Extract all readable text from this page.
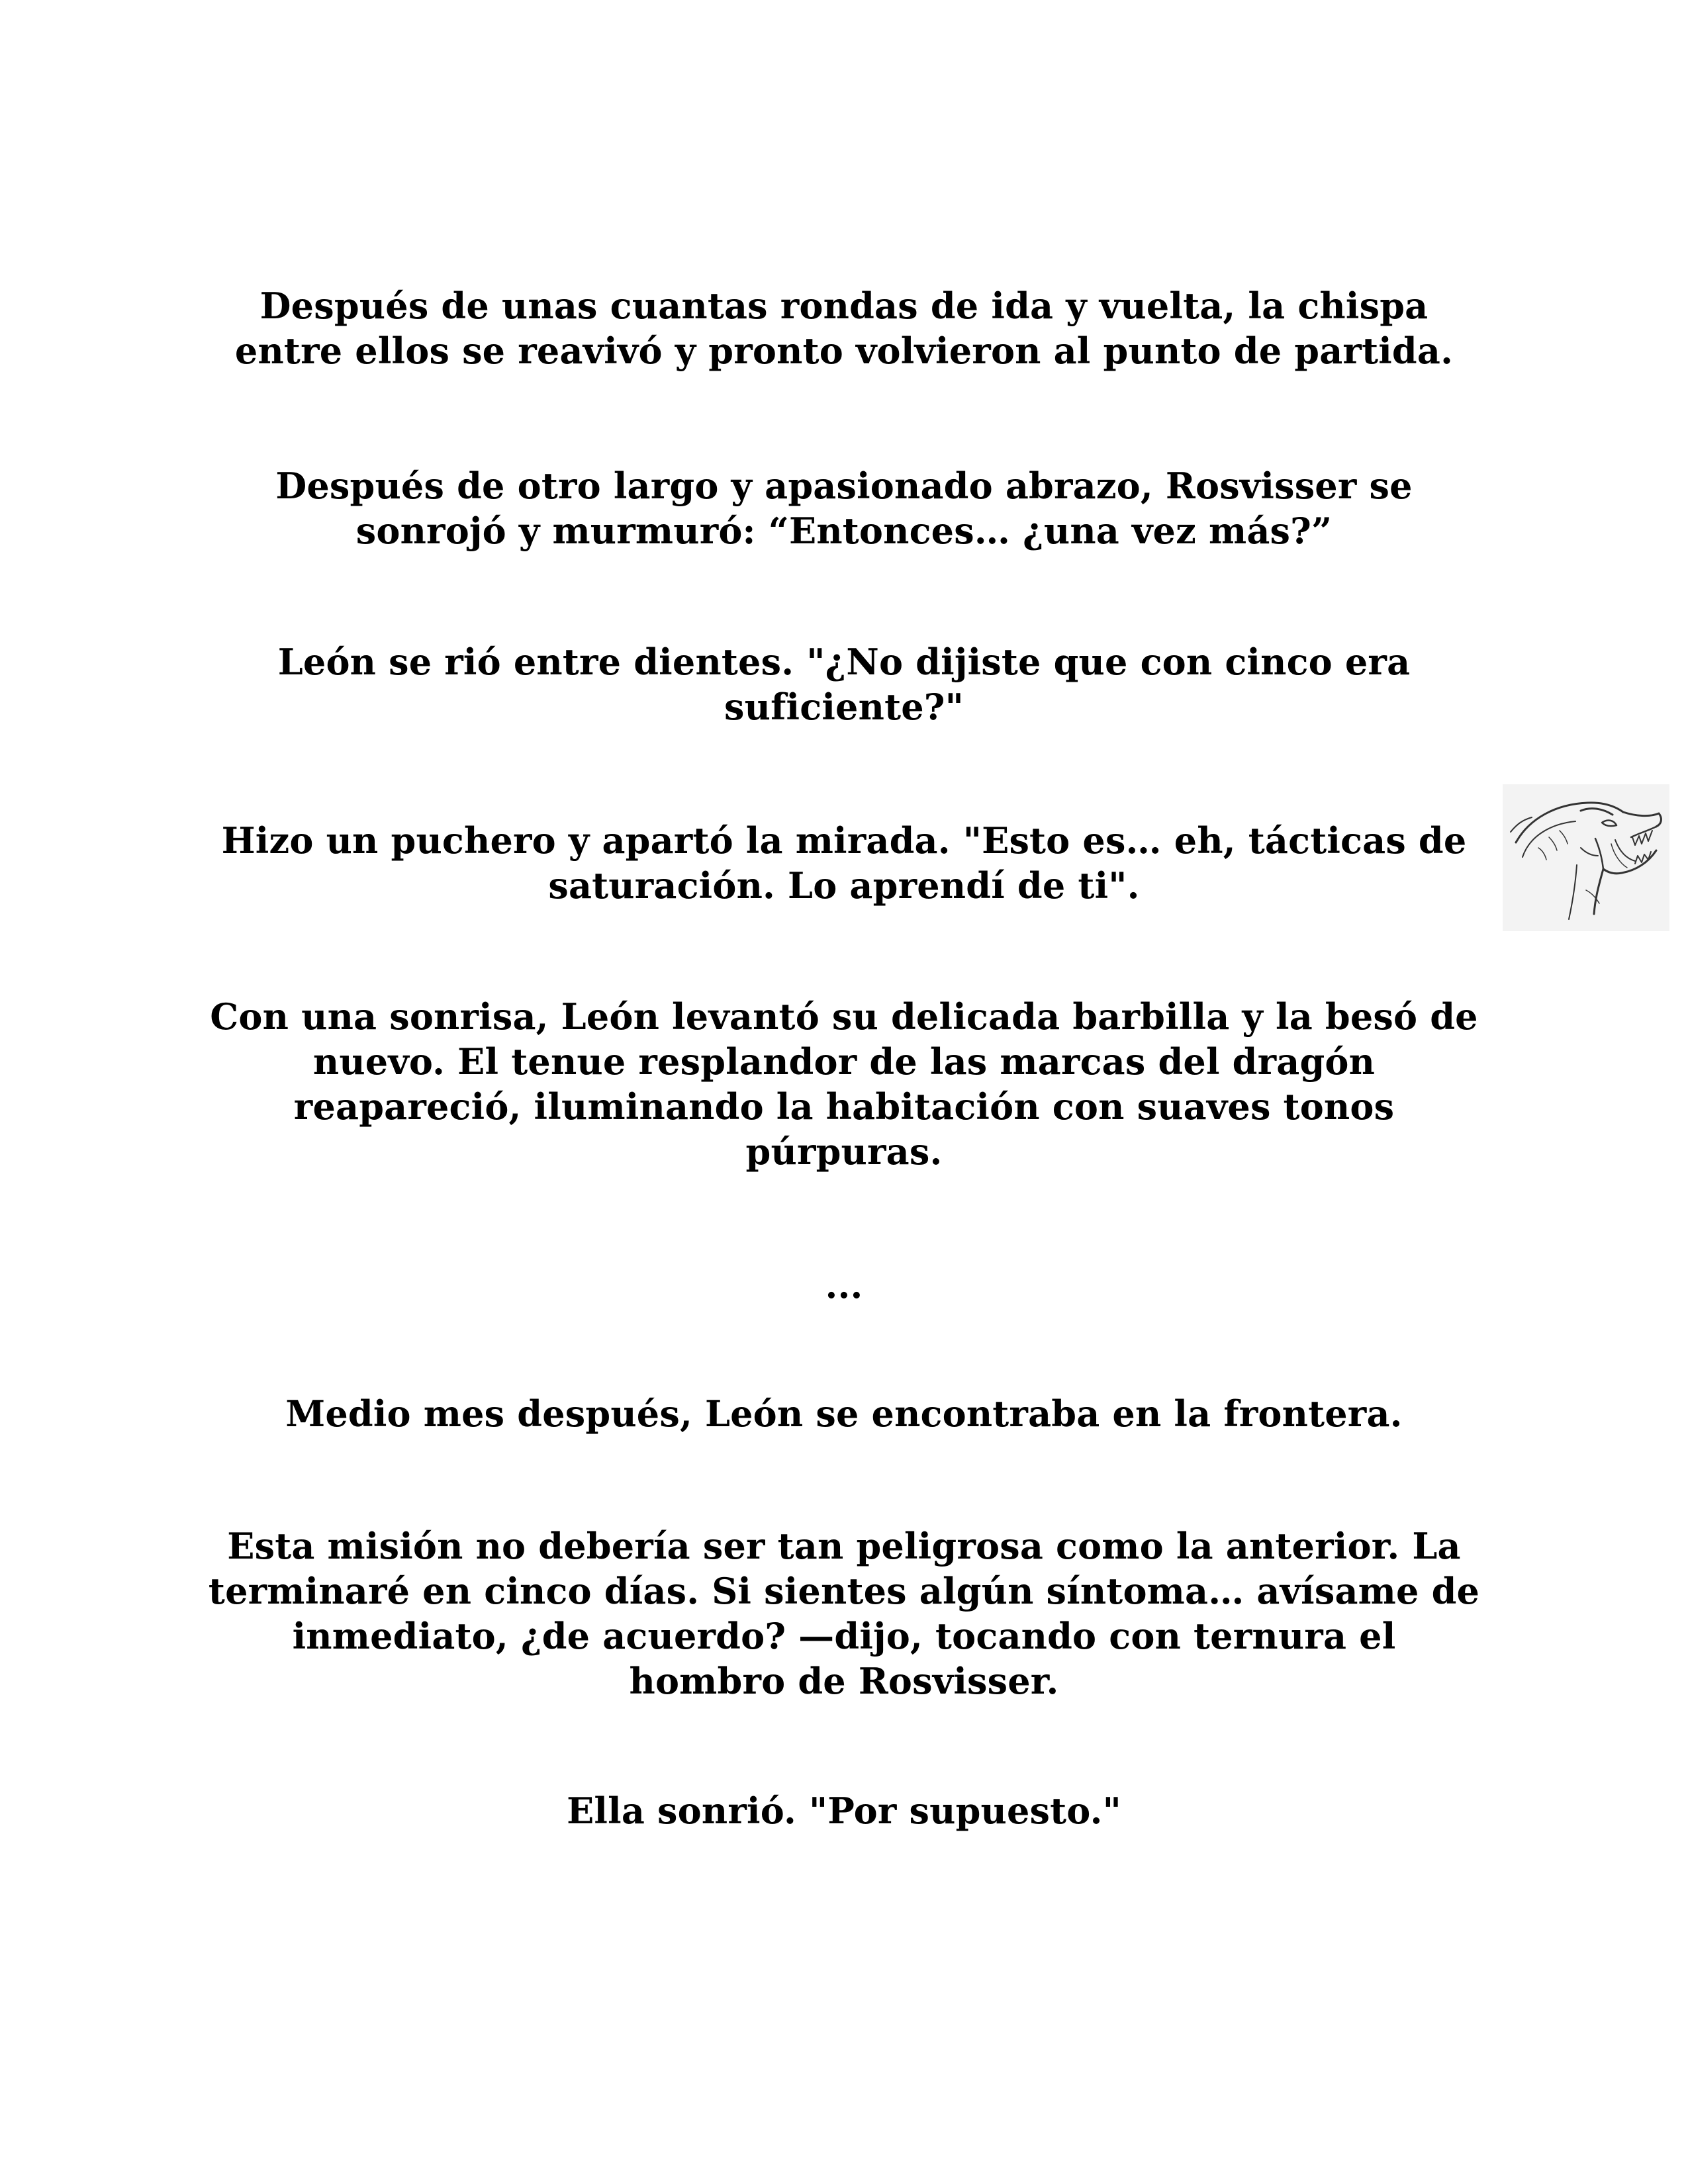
Después de unas cuantas rondas de ida y vuelta, la chispa
entre ellos se reavivó y pronto volvieron al punto de partida.

Después de otro largo y apasionado abrazo, Rosvisser se
sonrojó y murmuró: “Entonces… ¿una vez más?”

León se rió entre dientes. "¿No dijiste que con cinco era
suficiente?"

Hizo un puchero y apartó la mirada. "Esto es… eh, tácticas de
saturación. Lo aprendí de ti".

Con una sonrisa, León levantó su delicada barbilla y la besó de
nuevo. El tenue resplandor de las marcas del dragón
reapareció, iluminando la habitación con suaves tonos
púrpuras.

...

Medio mes después, León se encontraba en la frontera.

Esta misión no debería ser tan peligrosa como la anterior. La
terminaré en cinco días. Si sientes algún síntoma… avísame de
inmediato, ¿de acuerdo? —dijo, tocando con ternura el
hombro de Rosvisser.

Ella sonrió. "Por supuesto."
